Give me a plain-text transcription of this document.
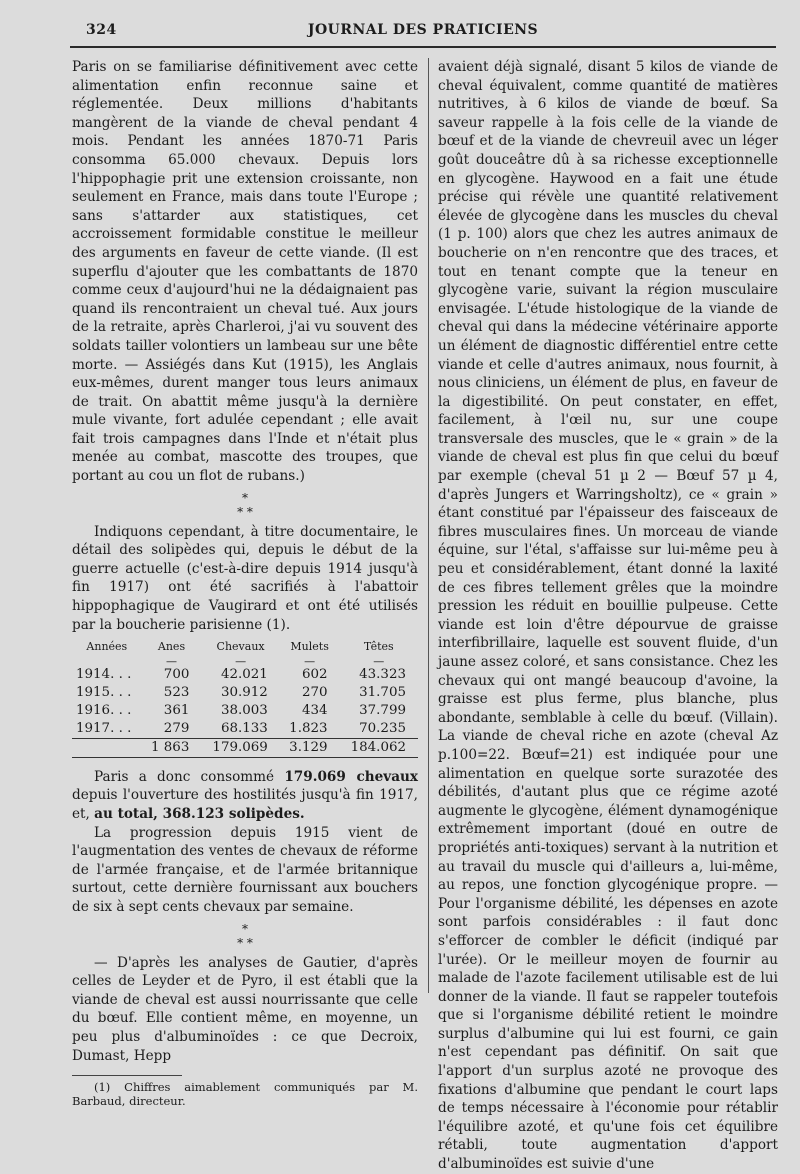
324	JOURNAL DES PRATICIENS

Paris on se familiarise définitivement avec cette alimentation enfin reconnue saine et réglementée. Deux millions d'habitants mangèrent de la viande de cheval pendant 4 mois. Pendant les années 1870-71 Paris consomma 65.000 chevaux. Depuis lors l'hippophagie prit une extension croissante, non seulement en France, mais dans toute l'Europe ; sans s'attarder aux statistiques, cet accroissement formidable constitue le meilleur des arguments en faveur de cette viande. (Il est superflu d'ajouter que les combattants de 1870 comme ceux d'aujourd'hui ne la dédaignaient pas quand ils rencontraient un cheval tué. Aux jours de la retraite, après Charleroi, j'ai vu souvent des soldats tailler volontiers un lambeau sur une bête morte. — Assiégés dans Kut (1915), les Anglais eux-mêmes, durent manger tous leurs animaux de trait. On abattit même jusqu'à la dernière mule vivante, fort adulée cependant ; elle avait fait trois campagnes dans l'Inde et n'était plus menée au combat, mascotte des troupes, que portant au cou un flot de rubans.)

*
* *

Indiquons cependant, à titre documentaire, le détail des solipèdes qui, depuis le début de la guerre actuelle (c'est-à-dire depuis 1914 jusqu'à fin 1917) ont été sacrifiés à l'abattoir hippophagique de Vaugirard et ont été utilisés par la boucherie parisienne (1).

Années	Anes	Chevaux	Mulets	Têtes
	—	—	—	—
1914. . .	700	42.021	602	43.323
1915. . .	523	30.912	270	31.705
1916. . .	361	38.003	434	37.799
1917. . .	279	68.133	1.823	70.235
	1 863	179.069	3.129	184.062

Paris a donc consommé 179.069 chevaux depuis l'ouverture des hostilités jusqu'à fin 1917, et, au total, 368.123 solipèdes.

La progression depuis 1915 vient de l'augmentation des ventes de chevaux de réforme de l'armée française, et de l'armée britannique surtout, cette dernière fournissant aux bouchers de six à sept cents chevaux par semaine.

*
* *

— D'après les analyses de Gautier, d'après celles de Leyder et de Pyro, il est établi que la viande de cheval est aussi nourrissante que celle du bœuf. Elle contient même, en moyenne, un peu plus d'albuminoïdes : ce que Decroix, Dumast, Hepp

(1) Chiffres aimablement communiqués par M. Barbaud, directeur.

avaient déjà signalé, disant 5 kilos de viande de cheval équivalent, comme quantité de matières nutritives, à 6 kilos de viande de bœuf. Sa saveur rappelle à la fois celle de la viande de bœuf et de la viande de chevreuil avec un léger goût douceâtre dû à sa richesse exceptionnelle en glycogène. Haywood en a fait une étude précise qui révèle une quantité relativement élevée de glycogène dans les muscles du cheval (1 p. 100) alors que chez les autres animaux de boucherie on n'en rencontre que des traces, et tout en tenant compte que la teneur en glycogène varie, suivant la région musculaire envisagée. L'étude histologique de la viande de cheval qui dans la médecine vétérinaire apporte un élément de diagnostic différentiel entre cette viande et celle d'autres animaux, nous fournit, à nous cliniciens, un élément de plus, en faveur de la digestibilité. On peut constater, en effet, facilement, à l'œil nu, sur une coupe transversale des muscles, que le « grain » de la viande de cheval est plus fin que celui du bœuf par exemple (cheval 51 µ 2 — Bœuf 57 µ 4, d'après Jungers et Warringsholtz), ce « grain » étant constitué par l'épaisseur des faisceaux de fibres musculaires fines. Un morceau de viande équine, sur l'étal, s'affaisse sur lui-même peu à peu et considérablement, étant donné la laxité de ces fibres tellement grêles que la moindre pression les réduit en bouillie pulpeuse. Cette viande est loin d'être dépourvue de graisse interfibrillaire, laquelle est souvent fluide, d'un jaune assez coloré, et sans consistance. Chez les chevaux qui ont mangé beaucoup d'avoine, la graisse est plus ferme, plus blanche, plus abondante, semblable à celle du bœuf. (Villain). La viande de cheval riche en azote (cheval Az p.100=22. Bœuf=21) est indiquée pour une alimentation en quelque sorte surazotée des débilités, d'autant plus que ce régime azoté augmente le glycogène, élément dynamogénique extrêmement important (doué en outre de propriétés anti-toxiques) servant à la nutrition et au travail du muscle qui d'ailleurs a, lui-même, au repos, une fonction glycogénique propre. — Pour l'organisme débilité, les dépenses en azote sont parfois considérables : il faut donc s'efforcer de combler le déficit (indiqué par l'urée). Or le meilleur moyen de fournir au malade de l'azote facilement utilisable est de lui donner de la viande. Il faut se rappeler toutefois que si l'organisme débilité retient le moindre surplus d'albumine qui lui est fourni, ce gain n'est cependant pas définitif. On sait que l'apport d'un surplus azoté ne provoque des fixations d'albumine que pendant le court laps de temps nécessaire à l'économie pour rétablir l'équilibre azoté, et qu'une fois cet équilibre rétabli, toute augmentation d'apport d'albuminoïdes est suivie d'une
